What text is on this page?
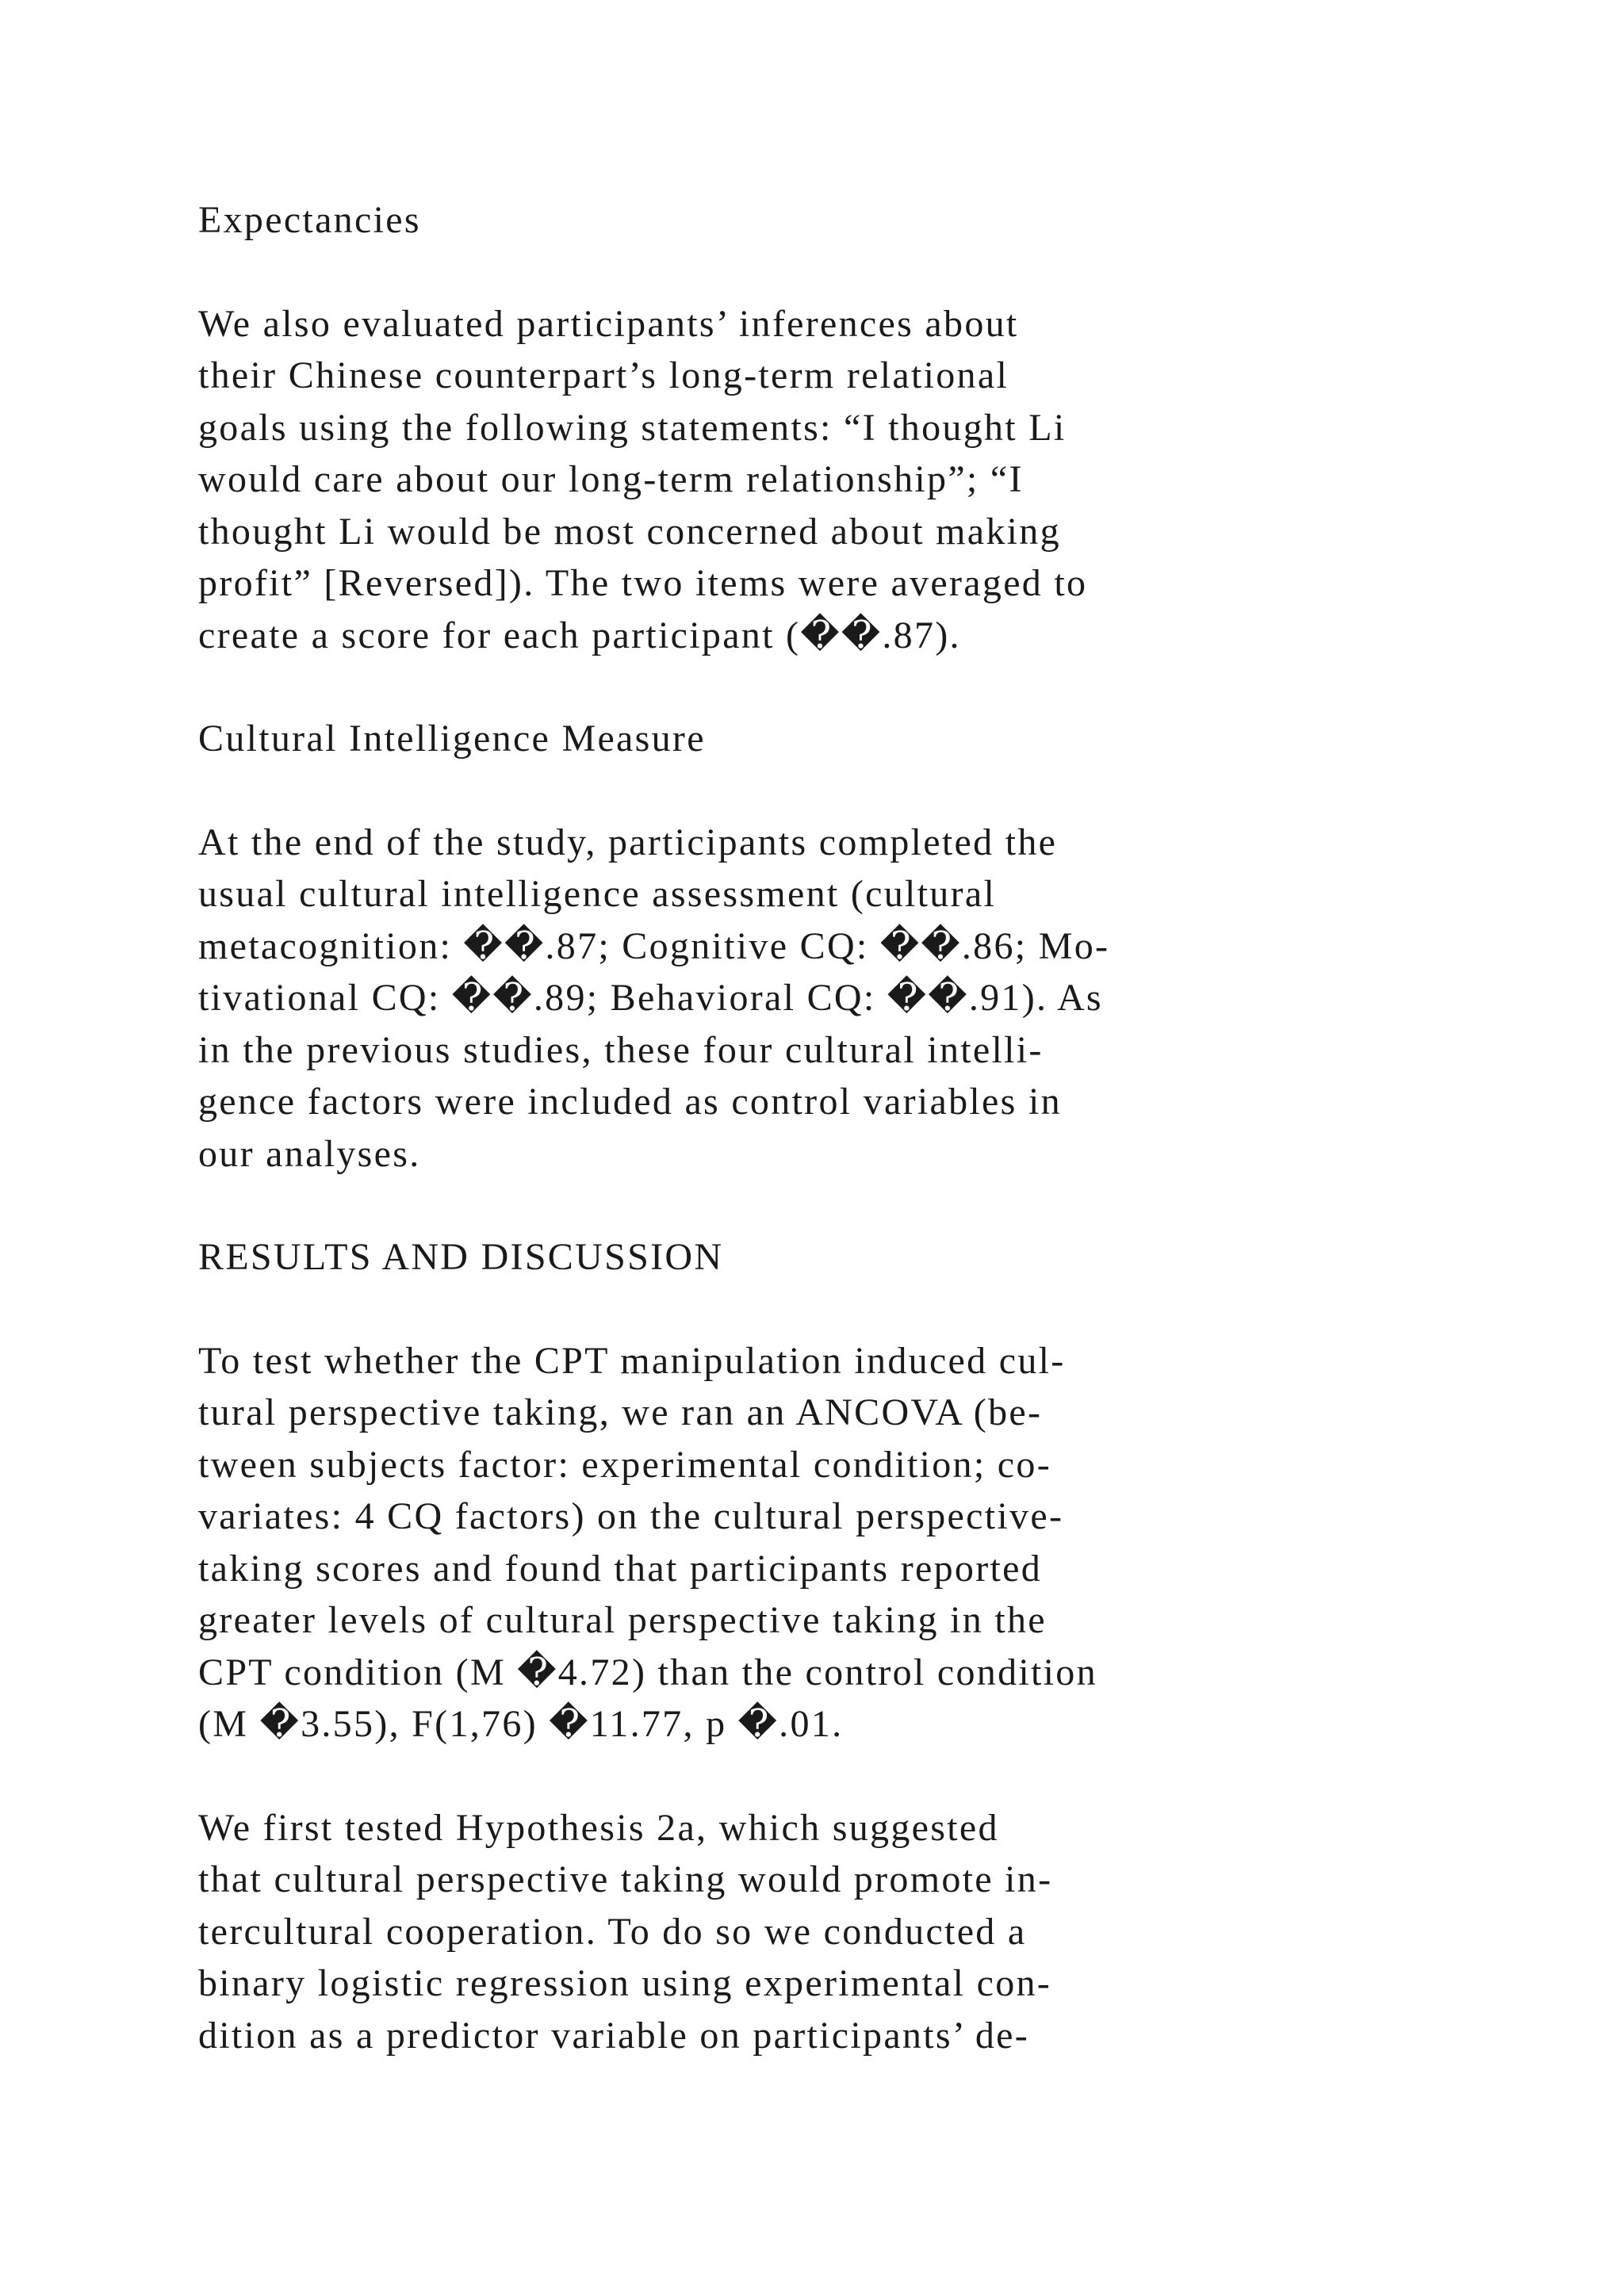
Expectancies
We also evaluated participants’ inferences about
their Chinese counterpart’s long-term relational
goals using the following statements: “I thought Li
would care about our long-term relationship”; “I
thought Li would be most concerned about making
profit” [Reversed]). The two items were averaged to
create a score for each participant (��.87).
Cultural Intelligence Measure
At the end of the study, participants completed the
usual cultural intelligence assessment (cultural
metacognition: ��.87; Cognitive CQ: ��.86; Mo-
tivational CQ: ��.89; Behavioral CQ: ��.91). As
in the previous studies, these four cultural intelli-
gence factors were included as control variables in
our analyses.
RESULTS AND DISCUSSION
To test whether the CPT manipulation induced cul-
tural perspective taking, we ran an ANCOVA (be-
tween subjects factor: experimental condition; co-
variates: 4 CQ factors) on the cultural perspective-
taking scores and found that participants reported
greater levels of cultural perspective taking in the
CPT condition (M �4.72) than the control condition
(M �3.55), F(1,76) �11.77, p �.01.
We first tested Hypothesis 2a, which suggested
that cultural perspective taking would promote in-
tercultural cooperation. To do so we conducted a
binary logistic regression using experimental con-
dition as a predictor variable on participants’ de-
